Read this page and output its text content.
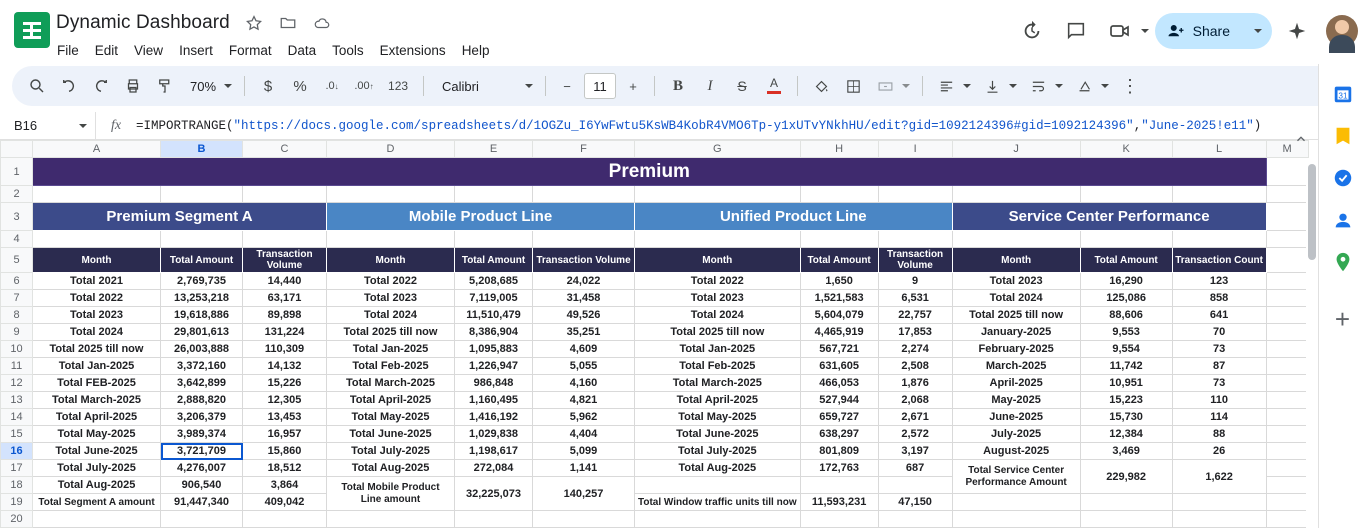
Dynamic Dashboard
File	Edit	View	Insert	Format	Data	Tools	Extensions	Help
Share
70%	$	%	.0 ↓	.00 ↑ 123	Calibri	−	11	+	B	I	S	A	⋮
B16	fx	=IMPORTRANGE( "https://docs.google.com/spreadsheets/d/1OGZu_I6YwFwtu5KsWB4KobR4VMO6Tp-y1xUTvYNkhHU/edit?gid=1092124396#gid=1092124396" , "June-2025!e11" )
	A	B	C	D	E	F	G	H	I	J	K	L	M
1	Premium												
2													
3	Premium Segment A			Mobile Product Line			Unified Product Line			Service Center Performance			
4													
5	Month	Total Amount	Transaction Volume	Month	Total Amount	Transaction Volume	Month	Total Amount	Transaction Volume	Month	Total Amount	Transaction Count	
6	Total 2021	2,769,735	14,440	Total 2022	5,208,685	24,022	Total 2022	1,650	9	Total 2023	16,290	123	
7	Total 2022	13,253,218	63,171	Total 2023	7,119,005	31,458	Total 2023	1,521,583	6,531	Total 2024	125,086	858	
8	Total 2023	19,618,886	89,898	Total 2024	11,510,479	49,526	Total 2024	5,604,079	22,757	Total 2025 till now	88,606	641	
9	Total 2024	29,801,613	131,224	Total 2025 till now	8,386,904	35,251	Total 2025 till now	4,465,919	17,853	January-2025	9,553	70	
10	Total 2025 till now	26,003,888	110,309	Total Jan-2025	1,095,883	4,609	Total Jan-2025	567,721	2,274	February-2025	9,554	73	
11	Total Jan-2025	3,372,160	14,132	Total Feb-2025	1,226,947	5,055	Total Feb-2025	631,605	2,508	March-2025	11,742	87	
12	Total FEB-2025	3,642,899	15,226	Total March-2025	986,848	4,160	Total March-2025	466,053	1,876	April-2025	10,951	73	
13	Total March-2025	2,888,820	12,305	Total April-2025	1,160,495	4,821	Total April-2025	527,944	2,068	May-2025	15,223	110	
14	Total April-2025	3,206,379	13,453	Total May-2025	1,416,192	5,962	Total May-2025	659,727	2,671	June-2025	15,730	114	
15	Total May-2025	3,989,374	16,957	Total June-2025	1,029,838	4,404	Total June-2025	638,297	2,572	July-2025	12,384	88	
16	Total June-2025	3,721,709	15,860	Total July-2025	1,198,617	5,099	Total July-2025	801,809	3,197	August-2025	3,469	26	
17	Total July-2025	4,276,007	18,512	Total Aug-2025	272,084	1,141	Total Aug-2025	172,763	687	Total Service Center Performance Amount	229,982	1,622	
18	Total Aug-2025	906,540	3,864	Total Mobile Product Line amount	32,225,073	140,257							
19	Total Segment A amount	91,447,340	409,042				Total Window traffic units till now	11,593,231	47,150				
20													
31
+
